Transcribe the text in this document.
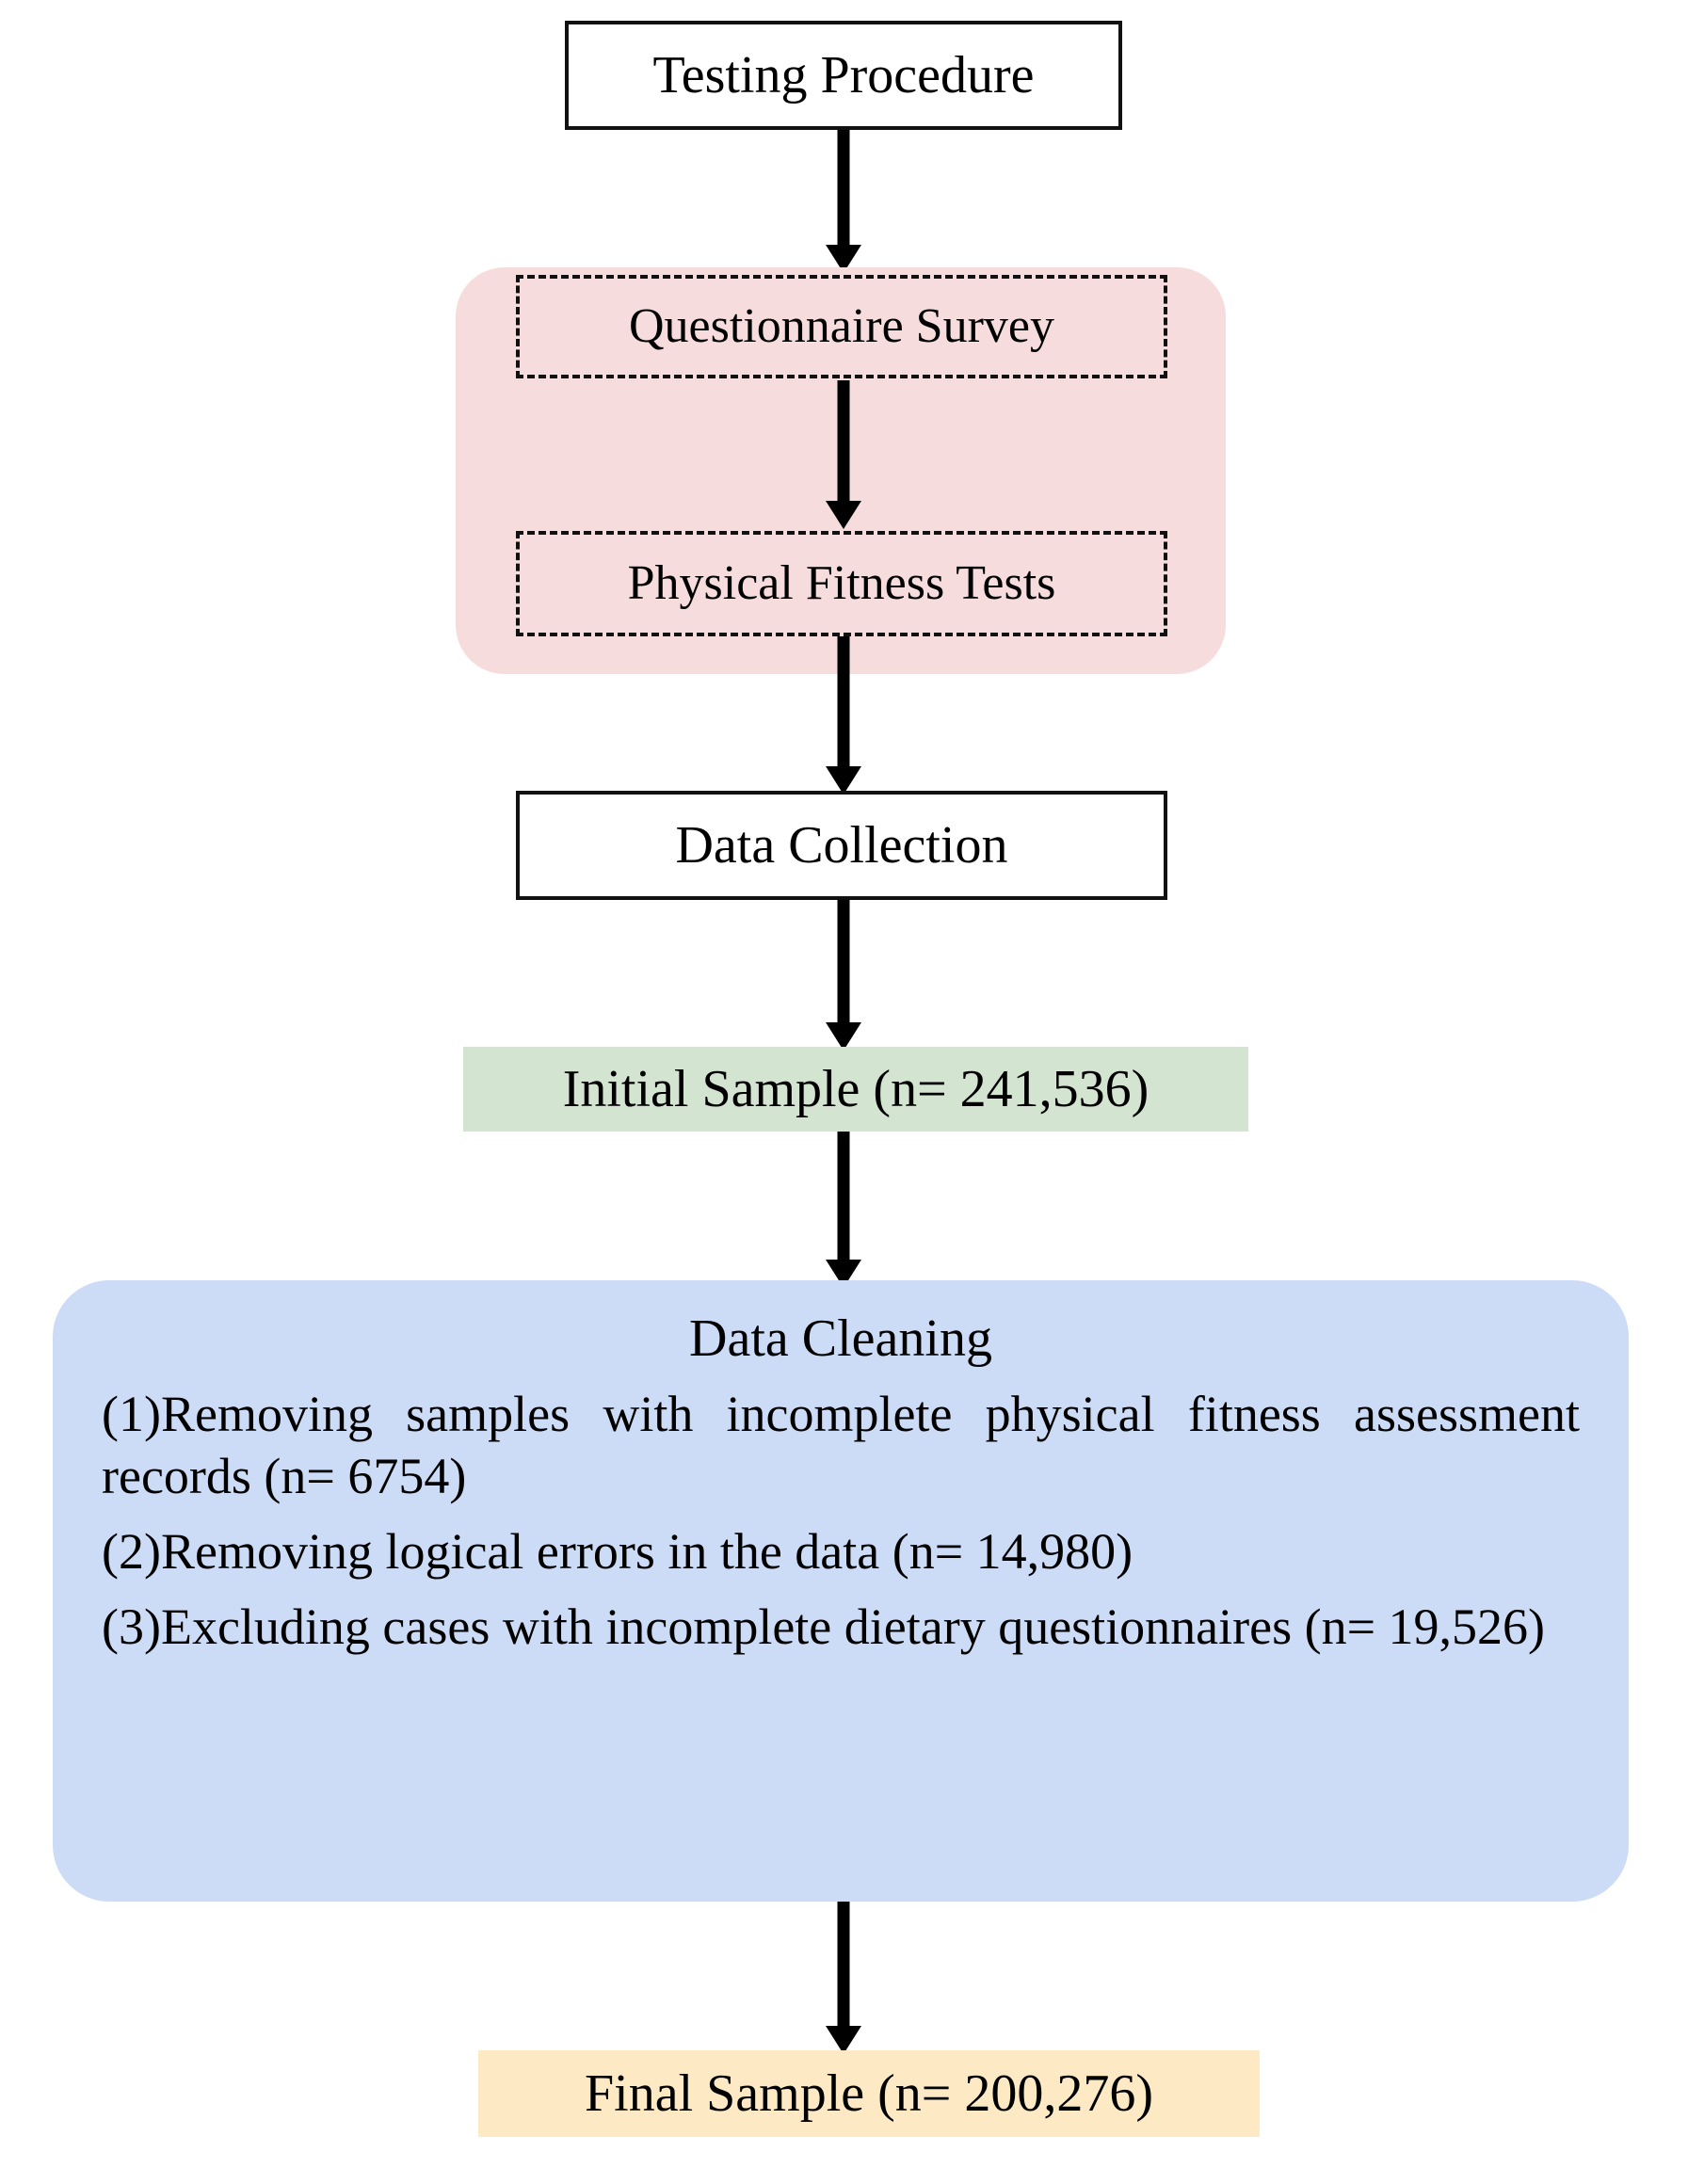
Testing Procedure
Questionnaire Survey
Physical Fitness Tests
Data Collection
Initial Sample (n= 241,536)
Data Cleaning
(1)Removing samples with incomplete physical fitness assessment records (n= 6754)
(2)Removing logical errors in the data (n= 14,980)
(3)Excluding cases with incomplete dietary questionnaires (n= 19,526)
Final Sample (n= 200,276)
